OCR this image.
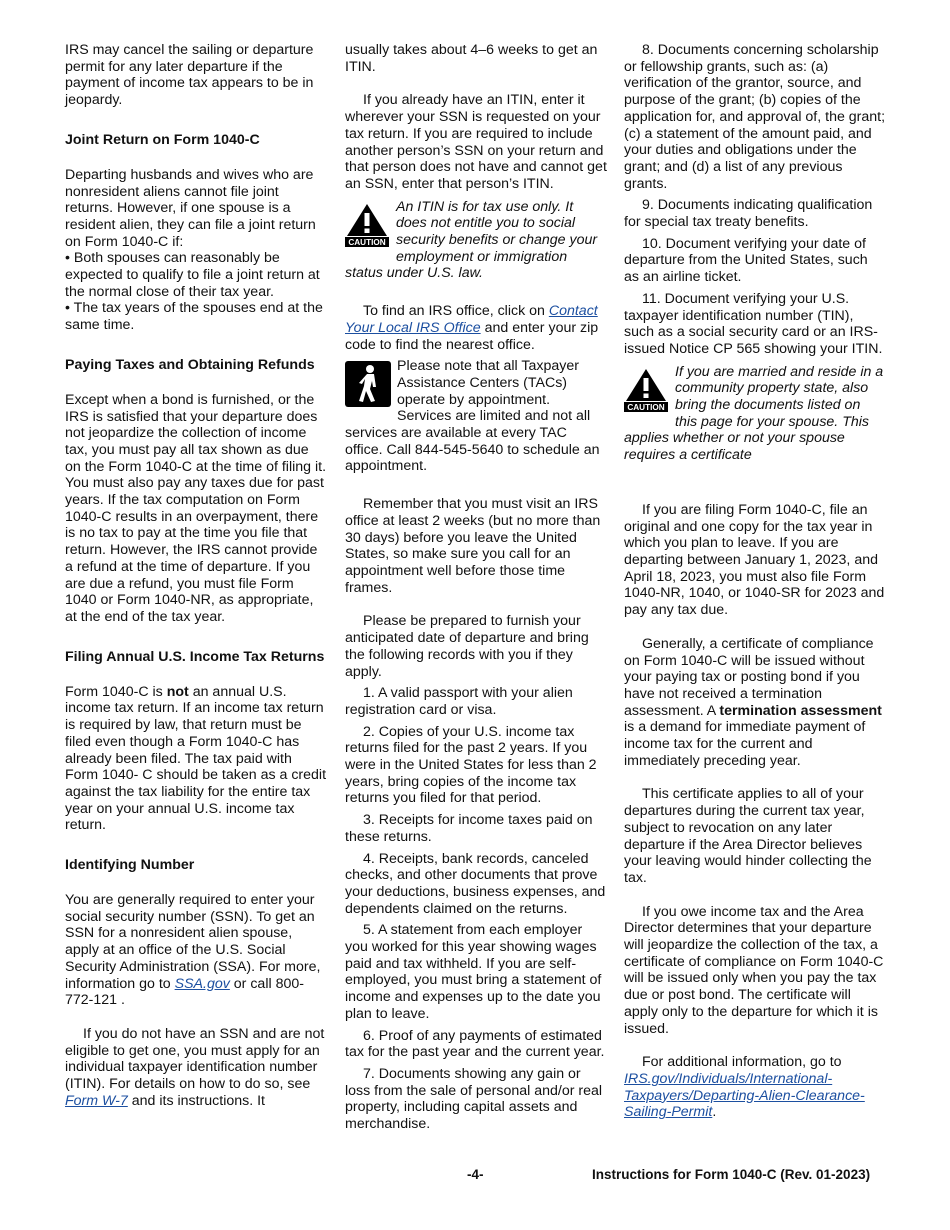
IRS may cancel the sailing or departure permit for any later departure if the payment of income tax appears to be in jeopardy.

Joint Return on Form 1040-C

Departing husbands and wives who are nonresident aliens cannot file joint returns. However, if one spouse is a resident alien, they can file a joint return on Form 1040-C if:

• Both spouses can reasonably be expected to qualify to file a joint return at the normal close of their tax year.

• The tax years of the spouses end at the same time.

Paying Taxes and Obtaining Refunds

Except when a bond is furnished, or the IRS is satisfied that your departure does not jeopardize the collection of income tax, you must pay all tax shown as due on the Form 1040-C at the time of filing it. You must also pay any taxes due for past years. If the tax computation on Form 1040-C results in an overpayment, there is no tax to pay at the time you file that return. However, the IRS cannot provide a refund at the time of departure. If you are due a refund, you must file Form 1040 or Form 1040-NR, as appropriate, at the end of the tax year.

Filing Annual U.S. Income Tax Returns

Form 1040-C is not an annual U.S. income tax return. If an income tax return is required by law, that return must be filed even though a Form 1040-C has already been filed. The tax paid with Form 1040- C should be taken as a credit against the tax liability for the entire tax year on your annual U.S. income tax return.

Identifying Number

You are generally required to enter your social security number (SSN). To get an SSN for a nonresident alien spouse, apply at an office of the U.S. Social Security Administration (SSA). For more, information go to SSA.gov or call 800-772-121 .

If you do not have an SSN and are not eligible to get one, you must apply for an individual taxpayer identification number (ITIN). For details on how to do so, see Form W-7 and its instructions. It

usually takes about 4–6 weeks to get an ITIN.

If you already have an ITIN, enter it wherever your SSN is requested on your tax return. If you are required to include another person’s SSN on your return and that person does not have and cannot get an SSN, enter that person’s ITIN.

CAUTION
An ITIN is for tax use only. It does not entitle you to social security benefits or change your employment or immigration status under U.S. law.

To find an IRS office, click on Contact Your Local IRS Office and enter your zip code to find the nearest office.

Please note that all Taxpayer Assistance Centers (TACs) operate by appointment. Services are limited and not all services are available at every TAC office. Call 844-545-5640 to schedule an appointment.

Remember that you must visit an IRS office at least 2 weeks (but no more than 30 days) before you leave the United States, so make sure you call for an appointment well before those time frames.

Please be prepared to furnish your anticipated date of departure and bring the following records with you if they apply.

1. A valid passport with your alien registration card or visa.

2. Copies of your U.S. income tax returns filed for the past 2 years. If you were in the United States for less than 2 years, bring copies of the income tax returns you filed for that period.

3. Receipts for income taxes paid on these returns.

4. Receipts, bank records, canceled checks, and other documents that prove your deductions, business expenses, and dependents claimed on the returns.

5. A statement from each employer you worked for this year showing wages paid and tax withheld. If you are self-employed, you must bring a statement of income and expenses up to the date you plan to leave.

6. Proof of any payments of estimated tax for the past year and the current year.

7. Documents showing any gain or loss from the sale of personal and/or real property, including capital assets and merchandise.

8. Documents concerning scholarship or fellowship grants, such as: (a) verification of the grantor, source, and purpose of the grant; (b) copies of the application for, and approval of, the grant; (c) a statement of the amount paid, and your duties and obligations under the grant; and (d) a list of any previous grants.

9. Documents indicating qualification for special tax treaty benefits.

10. Document verifying your date of departure from the United States, such as an airline ticket.

11. Document verifying your U.S. taxpayer identification number (TIN), such as a social security card or an IRS-issued Notice CP 565 showing your ITIN.

CAUTION
If you are married and reside in a community property state, also bring the documents listed on this page for your spouse. This applies whether or not your spouse requires a certificate

If you are filing Form 1040-C, file an original and one copy for the tax year in which you plan to leave. If you are departing between January 1, 2023, and April 18, 2023, you must also file Form 1040-NR, 1040, or 1040-SR for 2023 and pay any tax due.

Generally, a certificate of compliance on Form 1040-C will be issued without your paying tax or posting bond if you have not received a termination assessment. A termination assessment is a demand for immediate payment of income tax for the current and immediately preceding year.

This certificate applies to all of your departures during the current tax year, subject to revocation on any later departure if the Area Director believes your leaving would hinder collecting the tax.

If you owe income tax and the Area Director determines that your departure will jeopardize the collection of the tax, a certificate of compliance on Form 1040-C will be issued only when you pay the tax due or post bond. The certificate will apply only to the departure for which it is issued.

For additional information, go to
IRS.gov/Individuals/International-Taxpayers/Departing-Alien-Clearance-Sailing-Permit.

-4-	Instructions for Form 1040-C (Rev. 01-2023)
